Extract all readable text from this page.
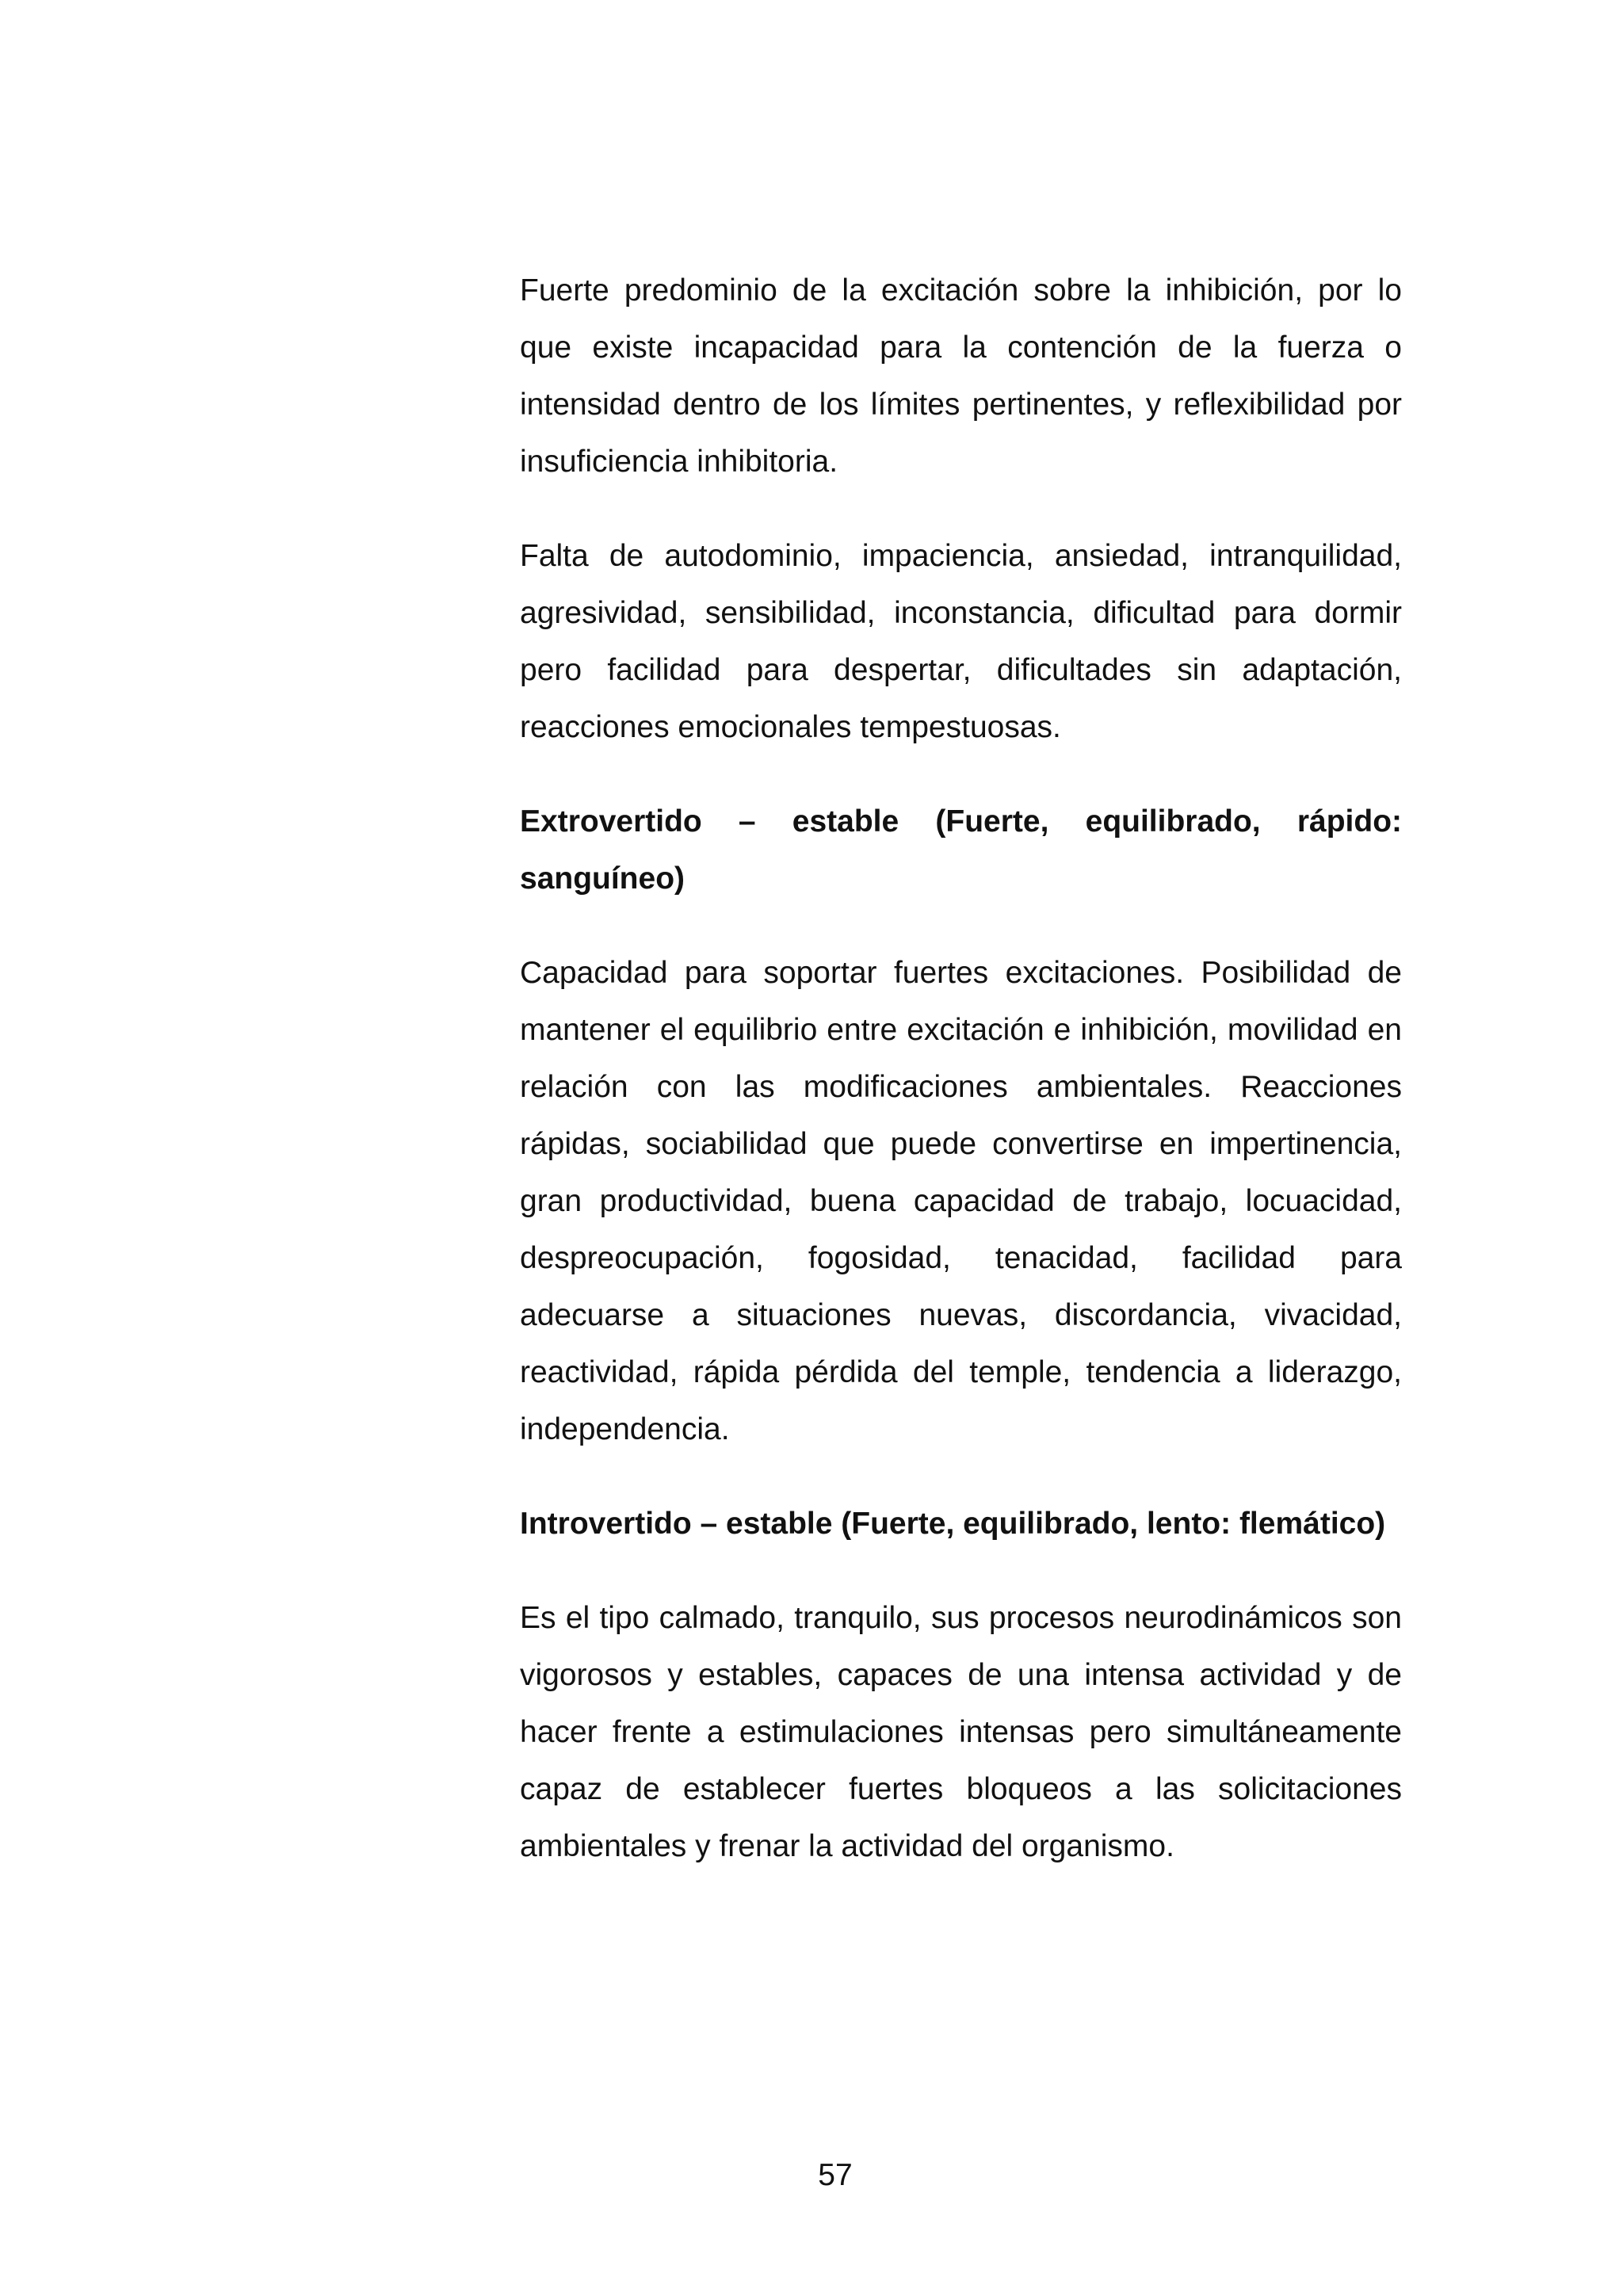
Fuerte predominio de la excitación sobre la inhibición, por lo que existe incapacidad para la contención de la fuerza o intensidad dentro de los límites pertinentes, y reflexibilidad por insuficiencia inhibitoria.

Falta de autodominio, impaciencia, ansiedad, intranquilidad, agresividad, sensibilidad, inconstancia, dificultad para dormir pero facilidad para despertar, dificultades sin adaptación, reacciones emocionales tempestuosas.

Extrovertido – estable (Fuerte, equilibrado, rápido: sanguíneo)

Capacidad para soportar fuertes excitaciones. Posibilidad de mantener el equilibrio entre excitación e inhibición, movilidad en relación con las modificaciones ambientales. Reacciones rápidas, sociabilidad que puede convertirse en impertinencia, gran productividad, buena capacidad de trabajo, locuacidad, despreocupación, fogosidad, tenacidad, facilidad para adecuarse a situaciones nuevas, discordancia, vivacidad, reactividad, rápida pérdida del temple, tendencia a liderazgo, independencia.

Introvertido – estable (Fuerte, equilibrado, lento: flemático)

Es el tipo calmado, tranquilo, sus procesos neurodinámicos son vigorosos y estables, capaces de una intensa actividad y de hacer frente a estimulaciones intensas pero simultáneamente capaz de establecer fuertes bloqueos a las solicitaciones ambientales y frenar la actividad del organismo.

57
